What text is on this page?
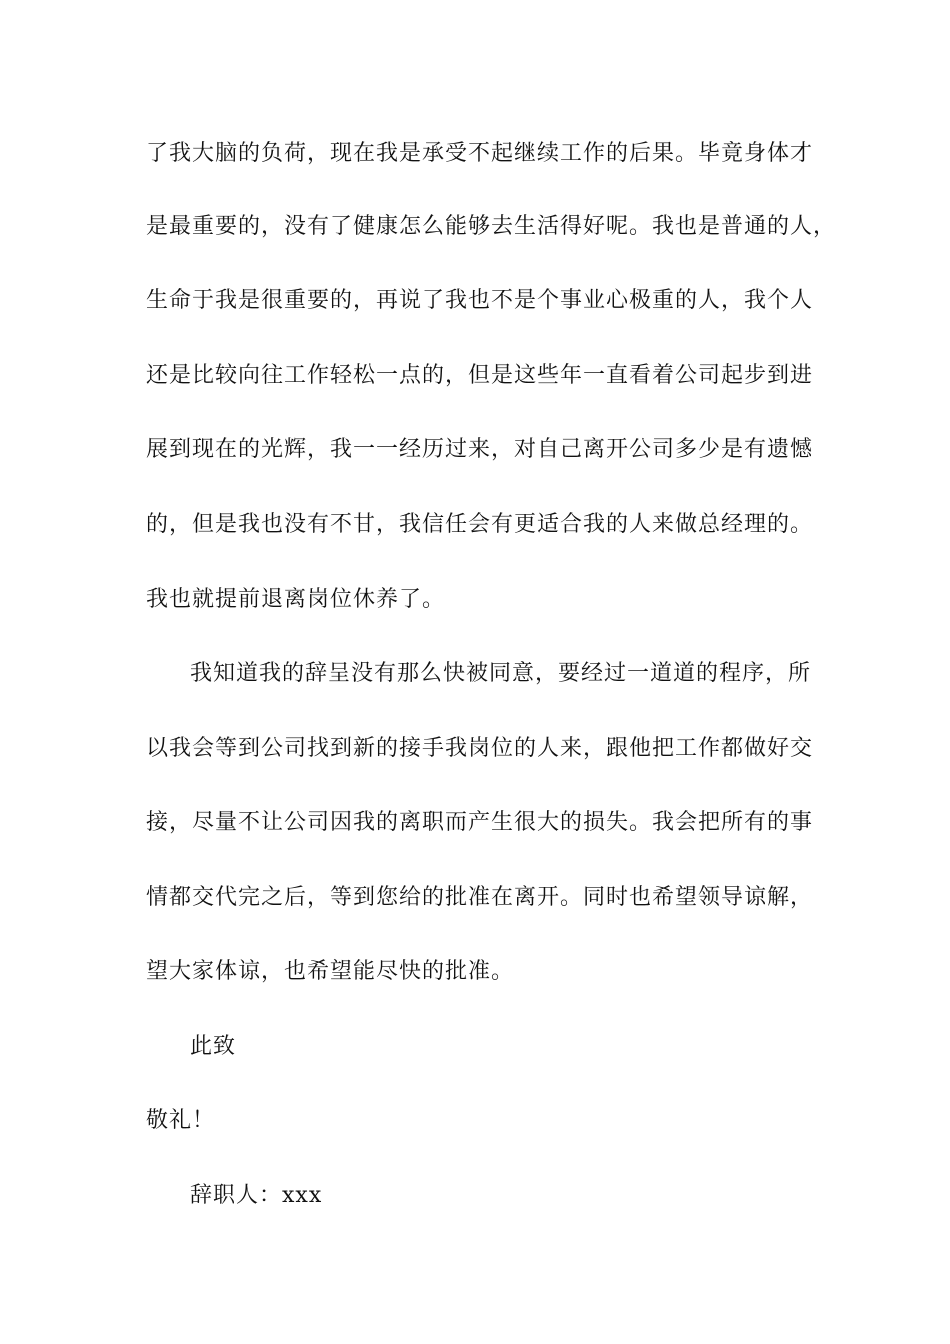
了我大脑的负荷，现在我是承受不起继续工作的后果。毕竟身体才
是最重要的，没有了健康怎么能够去生活得好呢。我也是普通的人，
生命于我是很重要的，再说了我也不是个事业心极重的人，我个人
还是比较向往工作轻松一点的，但是这些年一直看着公司起步到进
展到现在的光辉，我一一经历过来，对自己离开公司多少是有遗憾
的，但是我也没有不甘，我信任会有更适合我的人来做总经理的。
我也就提前退离岗位休养了。
我知道我的辞呈没有那么快被同意，要经过一道道的程序，所
以我会等到公司找到新的接手我岗位的人来，跟他把工作都做好交
接，尽量不让公司因我的离职而产生很大的损失。我会把所有的事
情都交代完之后，等到您给的批准在离开。同时也希望领导谅解，
望大家体谅，也希望能尽快的批准。
此致
敬礼！
辞职人：xxx
